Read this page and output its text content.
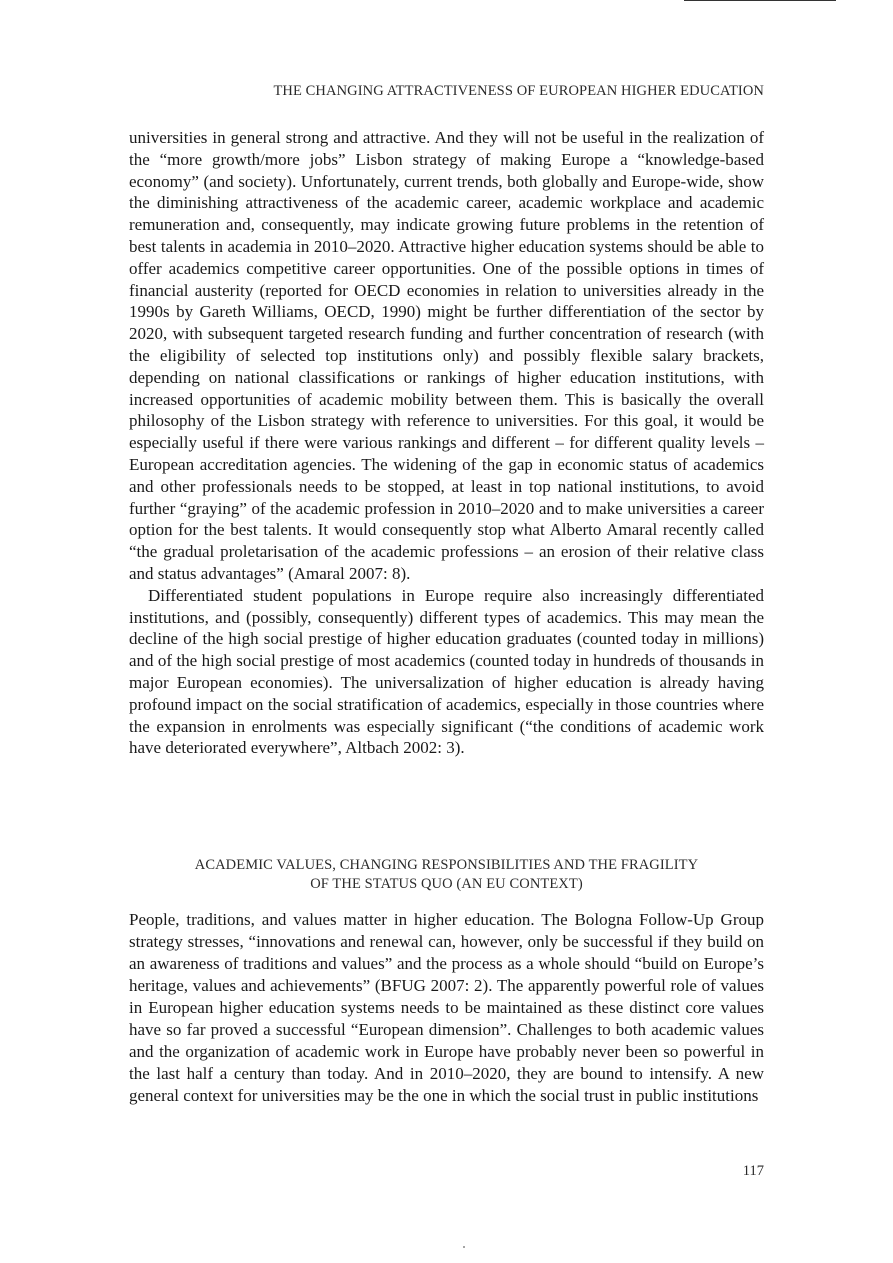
THE CHANGING ATTRACTIVENESS OF EUROPEAN HIGHER EDUCATION

universities in general strong and attractive. And they will not be useful in the realization of the “more growth/more jobs” Lisbon strategy of making Europe a “knowledge-based economy” (and society). Unfortunately, current trends, both globally and Europe-wide, show the diminishing attractiveness of the academic career, academic workplace and academic remuneration and, consequently, may indicate growing future problems in the retention of best talents in academia in 2010–2020. Attractive higher education systems should be able to offer academics competitive career opportunities. One of the possible options in times of financial austerity (reported for OECD economies in relation to universities already in the 1990s by Gareth Williams, OECD, 1990) might be further differentiation of the sector by 2020, with subsequent targeted research funding and further concentration of research (with the eligibility of selected top institutions only) and possibly flexible salary brackets, depending on national classifications or rankings of higher education institutions, with increased opportunities of academic mobility between them. This is basically the overall philosophy of the Lisbon strategy with reference to universities. For this goal, it would be especially useful if there were various rankings and different – for different quality levels – European accreditation agencies. The widening of the gap in economic status of academics and other professionals needs to be stopped, at least in top national institutions, to avoid further “graying” of the academic profession in 2010–2020 and to make universities a career option for the best talents. It would consequently stop what Alberto Amaral recently called “the gradual proletarisation of the academic professions – an erosion of their relative class and status advantages” (Amaral 2007: 8).

Differentiated student populations in Europe require also increasingly differentiated institutions, and (possibly, consequently) different types of academics. This may mean the decline of the high social prestige of higher education graduates (counted today in millions) and of the high social prestige of most academics (counted today in hundreds of thousands in major European economies). The universalization of higher education is already having profound impact on the social stratification of academics, especially in those countries where the expansion in enrolments was especially significant (“the conditions of academic work have deteriorated everywhere”, Altbach 2002: 3).

ACADEMIC VALUES, CHANGING RESPONSIBILITIES AND THE FRAGILITY
OF THE STATUS QUO (AN EU CONTEXT)

People, traditions, and values matter in higher education. The Bologna Follow-Up Group strategy stresses, “innovations and renewal can, however, only be successful if they build on an awareness of traditions and values” and the process as a whole should “build on Europe’s heritage, values and achievements” (BFUG 2007: 2). The apparently powerful role of values in European higher education systems needs to be maintained as these distinct core values have so far proved a successful “European dimension”. Challenges to both academic values and the organization of academic work in Europe have probably never been so powerful in the last half a century than today. And in 2010–2020, they are bound to intensify. A new general context for universities may be the one in which the social trust in public institutions

117
